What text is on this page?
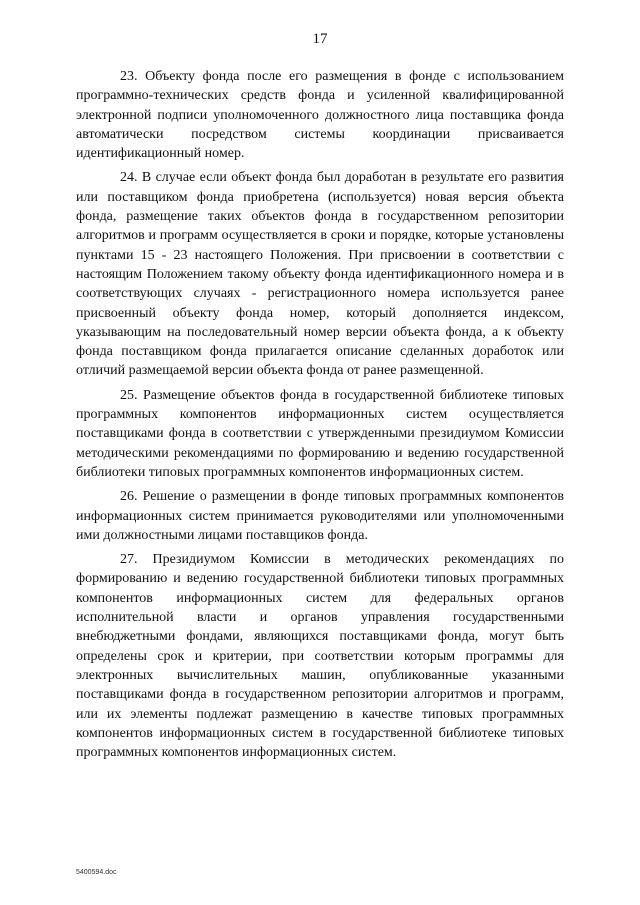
17

23. Объекту фонда после его размещения в фонде с использованием программно-технических средств фонда и усиленной квалифицированной электронной подписи уполномоченного должностного лица поставщика фонда автоматически посредством системы координации присваивается идентификационный номер.

24. В случае если объект фонда был доработан в результате его развития или поставщиком фонда приобретена (используется) новая версия объекта фонда, размещение таких объектов фонда в государственном репозитории алгоритмов и программ осуществляется в сроки и порядке, которые установлены пунктами 15 - 23 настоящего Положения. При присвоении в соответствии с настоящим Положением такому объекту фонда идентификационного номера и в соответствующих случаях - регистрационного номера используется ранее присвоенный объекту фонда номер, который дополняется индексом, указывающим на последовательный номер версии объекта фонда, а к объекту фонда поставщиком фонда прилагается описание сделанных доработок или отличий размещаемой версии объекта фонда от ранее размещенной.

25. Размещение объектов фонда в государственной библиотеке типовых программных компонентов информационных систем осуществляется поставщиками фонда в соответствии с утвержденными президиумом Комиссии методическими рекомендациями по формированию и ведению государственной библиотеки типовых программных компонентов информационных систем.

26. Решение о размещении в фонде типовых программных компонентов информационных систем принимается руководителями или уполномоченными ими должностными лицами поставщиков фонда.

27. Президиумом Комиссии в методических рекомендациях по формированию и ведению государственной библиотеки типовых программных компонентов информационных систем для федеральных органов исполнительной власти и органов управления государственными внебюджетными фондами, являющихся поставщиками фонда, могут быть определены срок и критерии, при соответствии которым программы для электронных вычислительных машин, опубликованные указанными поставщиками фонда в государственном репозитории алгоритмов и программ, или их элементы подлежат размещению в качестве типовых программных компонентов информационных систем в государственной библиотеке типовых программных компонентов информационных систем.

5400594.doc
